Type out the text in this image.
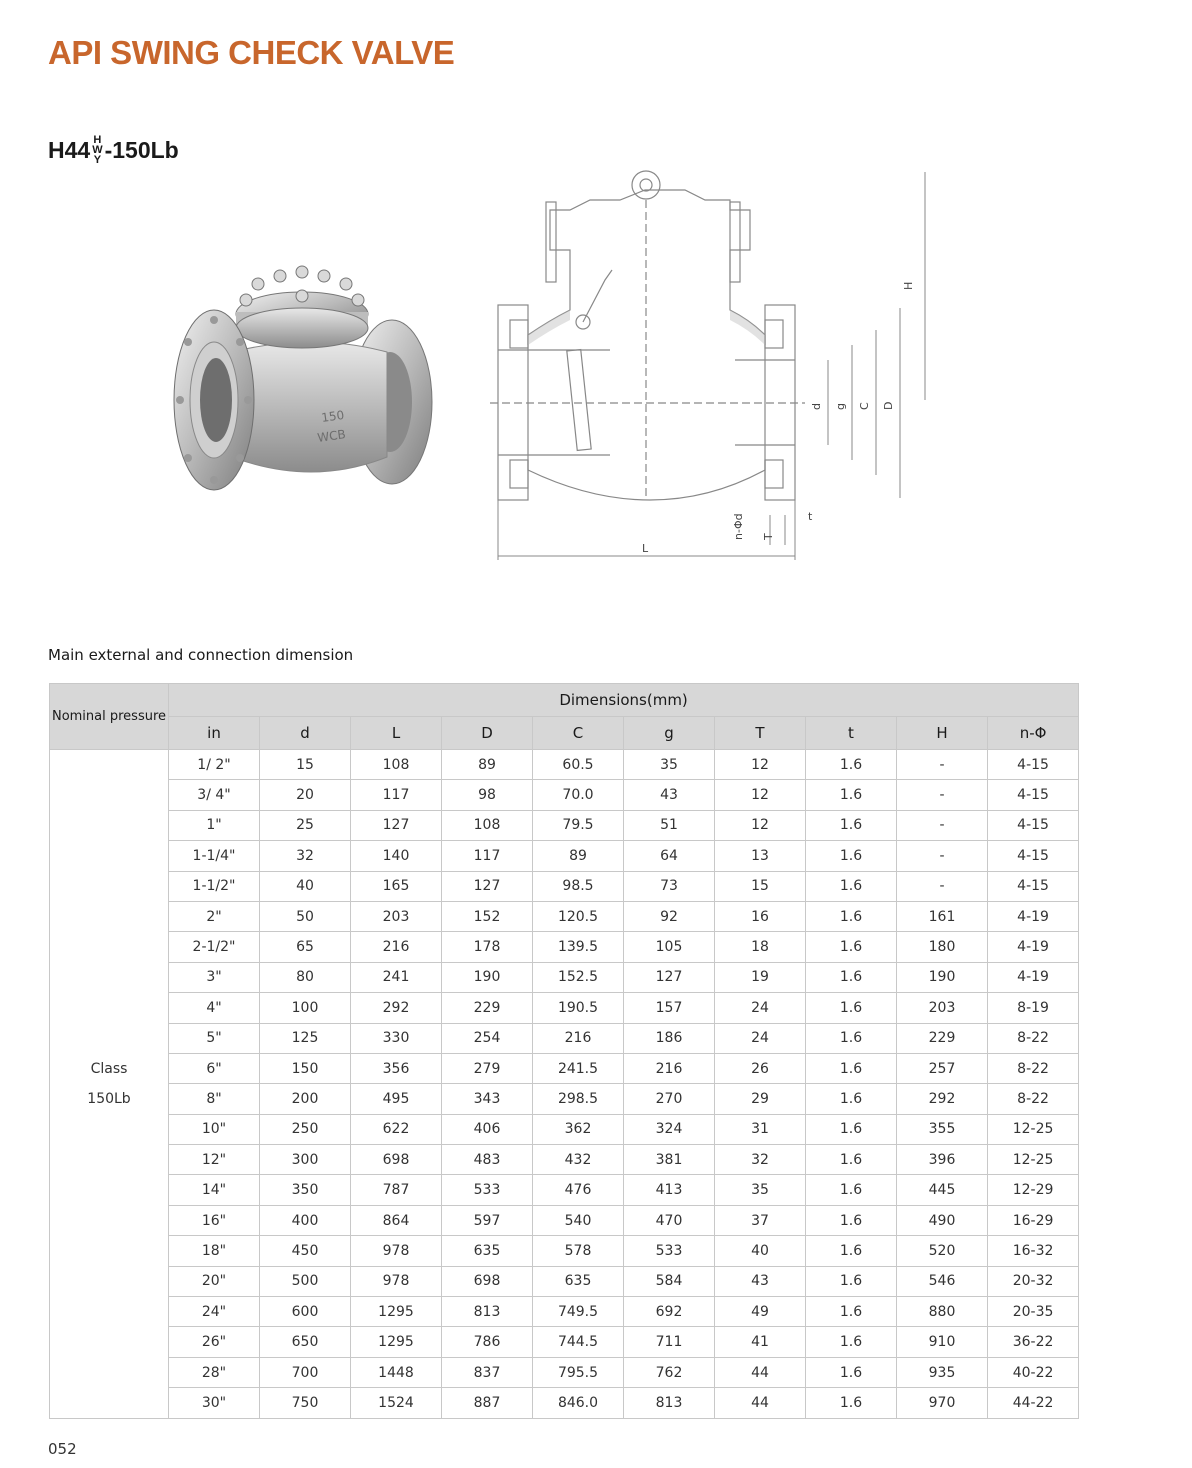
API SWING CHECK VALVE
H44 H
W
Y -150Lb
150
WCB
H
d g C D
L
T
t
n-Φd

Main external and connection dimension

Nominal pressure	Dimensions(mm)									
	in	d	L	D	C	g	T	t	H	n-Φ

Class
150Lb	1/ 2"	15	108	89	60.5	35	12	1.6	-	4-15
	3/ 4"	20	117	98	70.0	43	12	1.6	-	4-15
	1"	25	127	108	79.5	51	12	1.6	-	4-15
	1-1/4"	32	140	117	89	64	13	1.6	-	4-15
	1-1/2"	40	165	127	98.5	73	15	1.6	-	4-15
	2"	50	203	152	120.5	92	16	1.6	161	4-19
	2-1/2"	65	216	178	139.5	105	18	1.6	180	4-19
	3"	80	241	190	152.5	127	19	1.6	190	4-19
	4"	100	292	229	190.5	157	24	1.6	203	8-19
	5"	125	330	254	216	186	24	1.6	229	8-22
	6"	150	356	279	241.5	216	26	1.6	257	8-22
	8"	200	495	343	298.5	270	29	1.6	292	8-22
	10"	250	622	406	362	324	31	1.6	355	12-25
	12"	300	698	483	432	381	32	1.6	396	12-25
	14"	350	787	533	476	413	35	1.6	445	12-29
	16"	400	864	597	540	470	37	1.6	490	16-29
	18"	450	978	635	578	533	40	1.6	520	16-32
	20"	500	978	698	635	584	43	1.6	546	20-32
	24"	600	1295	813	749.5	692	49	1.6	880	20-35
	26"	650	1295	786	744.5	711	41	1.6	910	36-22
	28"	700	1448	837	795.5	762	44	1.6	935	40-22
	30"	750	1524	887	846.0	813	44	1.6	970	44-22

052
